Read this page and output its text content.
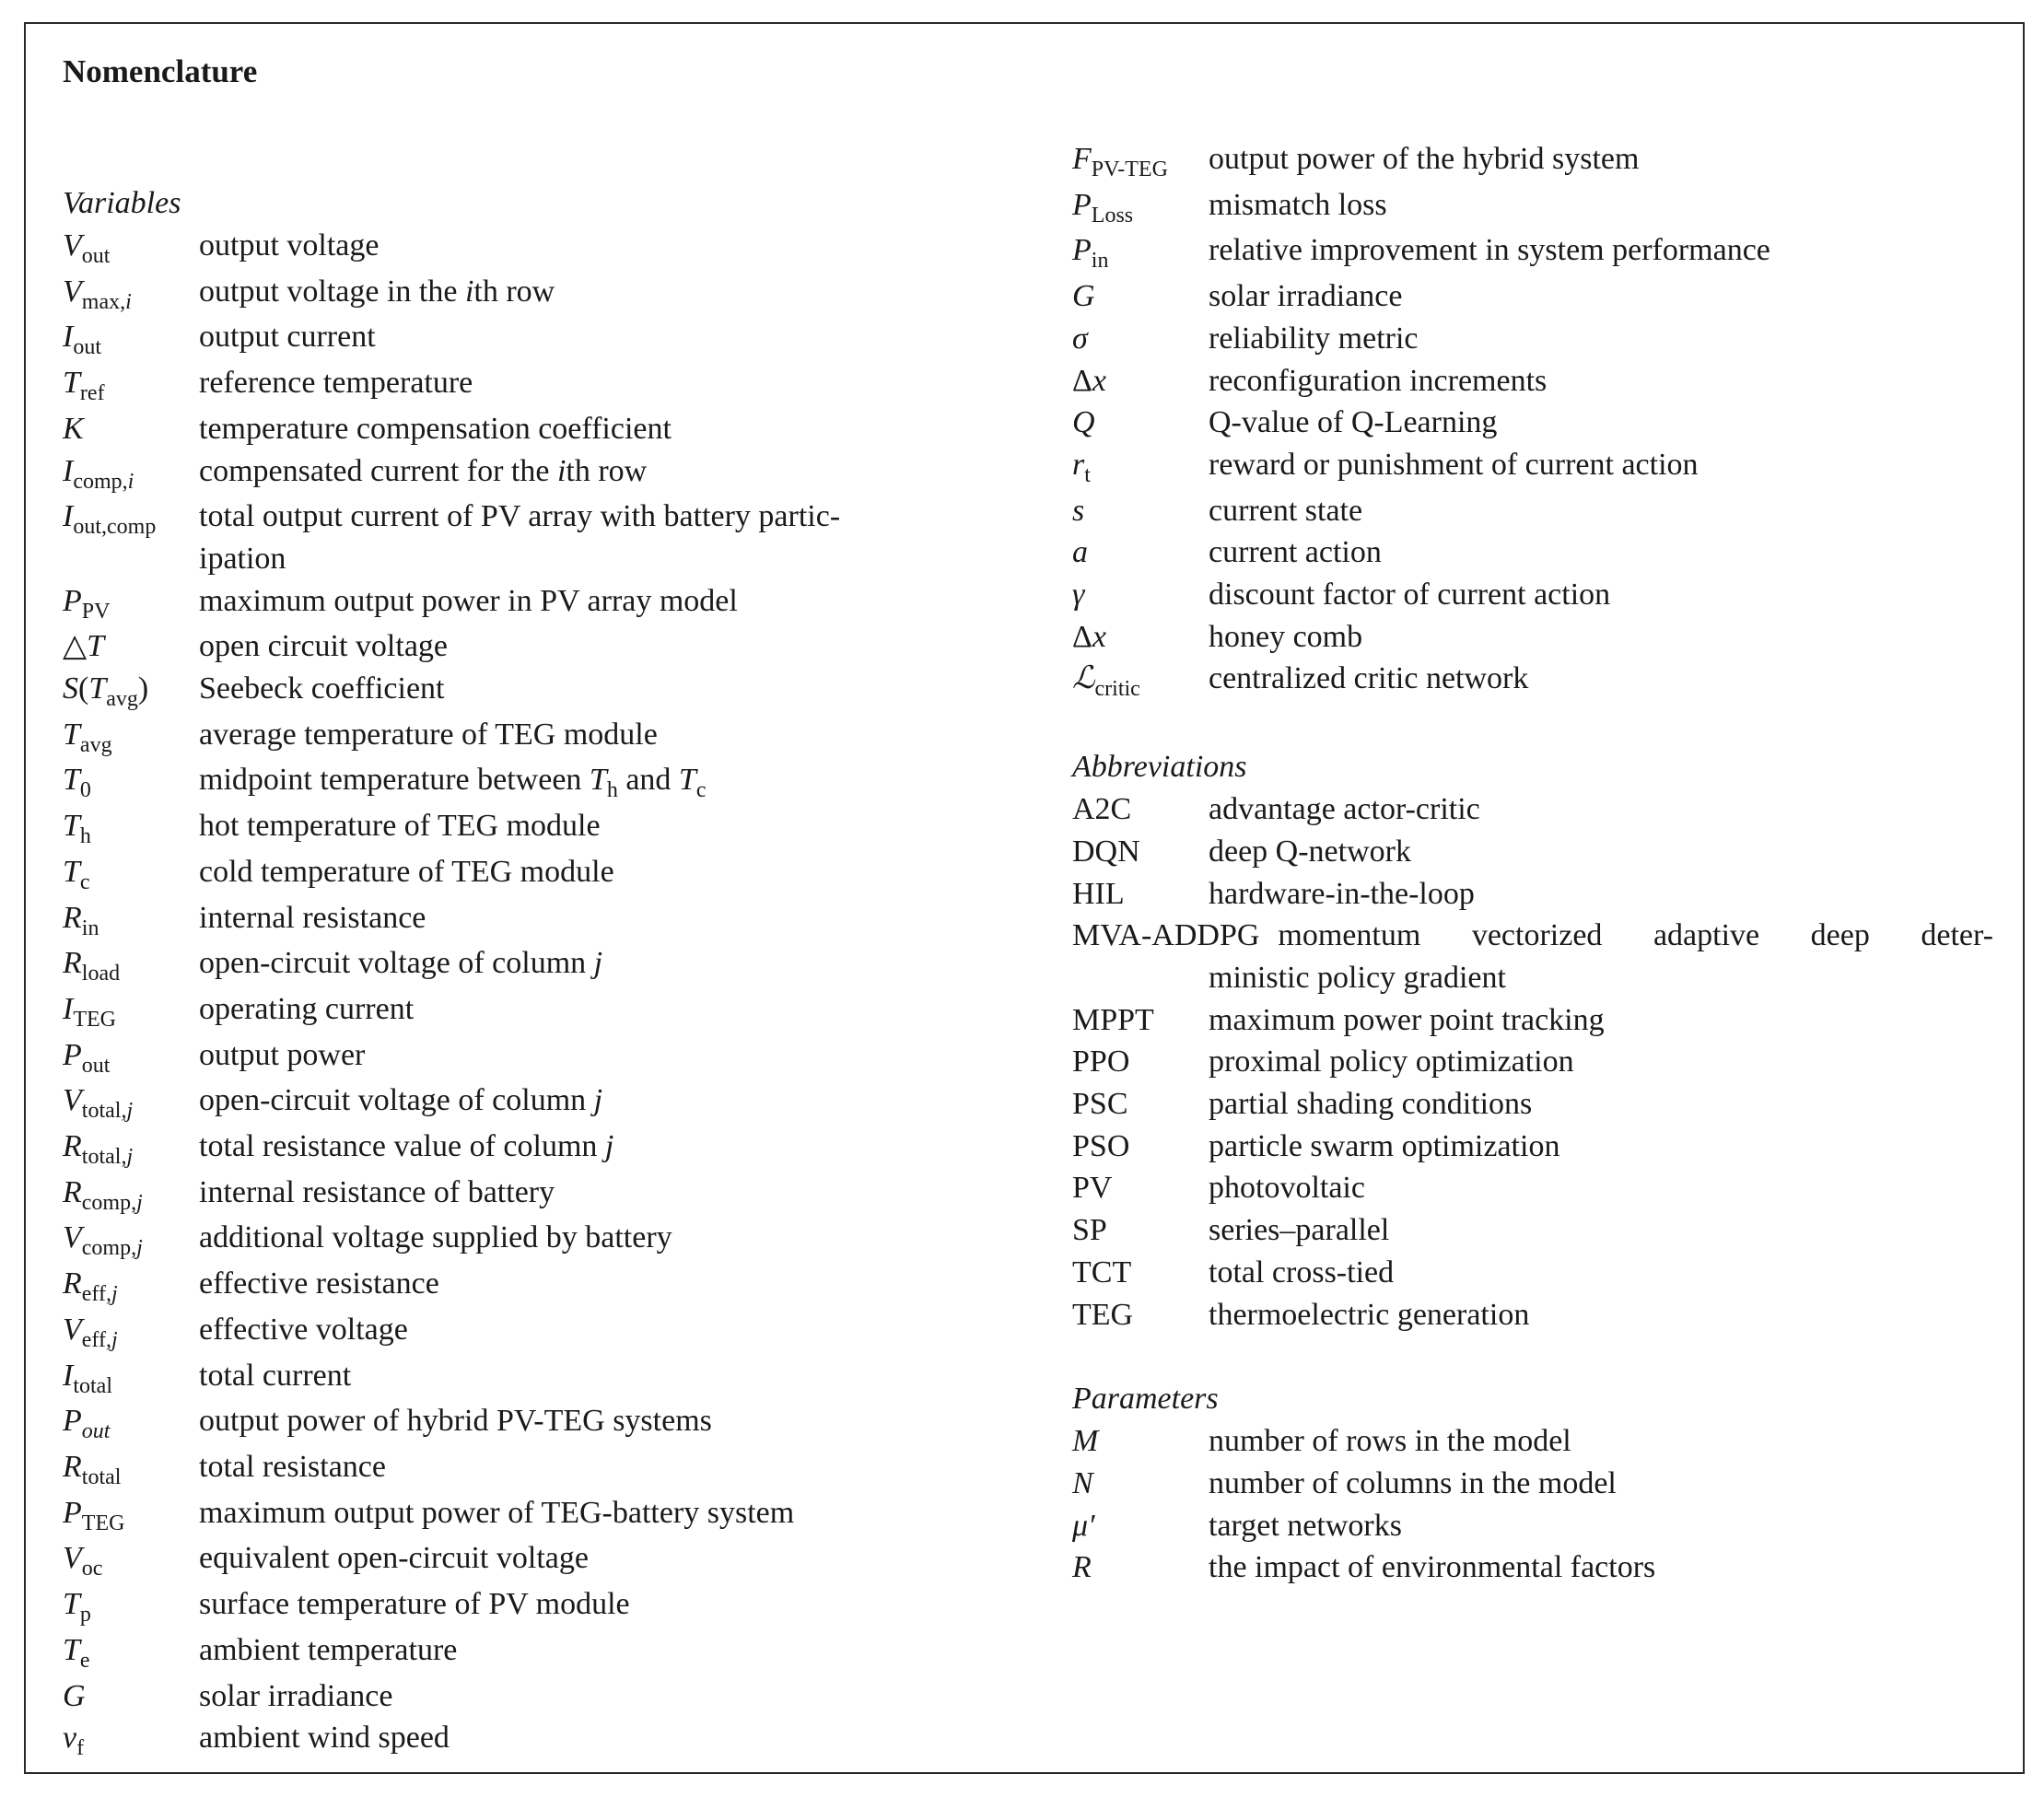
Nomenclature
Variables
$V_{out}$	output voltage
$V_{max,i}$	output voltage in the ith row
$I_{out}$	output current
$T_{ref}$	reference temperature
K	temperature compensation coefficient
$I_{comp,i}$	compensated current for the ith row
$I_{out,comp}$	total output current of PV array with battery partic-
ipation
$P_{PV}$	maximum output power in PV array model
△T	open circuit voltage
$S(T_{avg})$	Seebeck coefficient
$T_{avg}$	average temperature of TEG module
$T_0$	midpoint temperature between $T_h$ and $T_c$
$T_h$	hot temperature of TEG module
$T_c$	cold temperature of TEG module
$R_{in}$	internal resistance
$R_{load}$	open-circuit voltage of column j
$I_{TEG}$	operating current
$P_{out}$	output power
$V_{total,j}$	open-circuit voltage of column j
$R_{total,j}$	total resistance value of column j
$R_{comp,j}$	internal resistance of battery
$V_{comp,j}$	additional voltage supplied by battery
$R_{eff,j}$	effective resistance
$V_{eff,j}$	effective voltage
$I_{total}$	total current
$P_{out}$	output power of hybrid PV-TEG systems
$R_{total}$	total resistance
$P_{TEG}$	maximum output power of TEG-battery system
$V_{oc}$	equivalent open-circuit voltage
$T_p$	surface temperature of PV module
$T_e$	ambient temperature
G	solar irradiance
$v_f$	ambient wind speed
$F_{PV-TEG}$	output power of the hybrid system
$P_{Loss}$	mismatch loss
$P_{in}$	relative improvement in system performance
G	solar irradiance
σ	reliability metric
Δx	reconfiguration increments
Q	Q-value of Q-Learning
$r_t$	reward or punishment of current action
s	current state
a	current action
γ	discount factor of current action
Δx	honey comb
ℒ$_{critic}$	centralized critic network
Abbreviations
A2C	advantage actor-critic
DQN	deep Q-network
HIL	hardware-in-the-loop
MVA-ADDPG momentum vectorized adaptive deep deter-
ministic policy gradient
MPPT	maximum power point tracking
PPO	proximal policy optimization
PSC	partial shading conditions
PSO	particle swarm optimization
PV	photovoltaic
SP	series–parallel
TCT	total cross-tied
TEG	thermoelectric generation
Parameters
M	number of rows in the model
N	number of columns in the model
μ′	target networks
R	the impact of environmental factors
